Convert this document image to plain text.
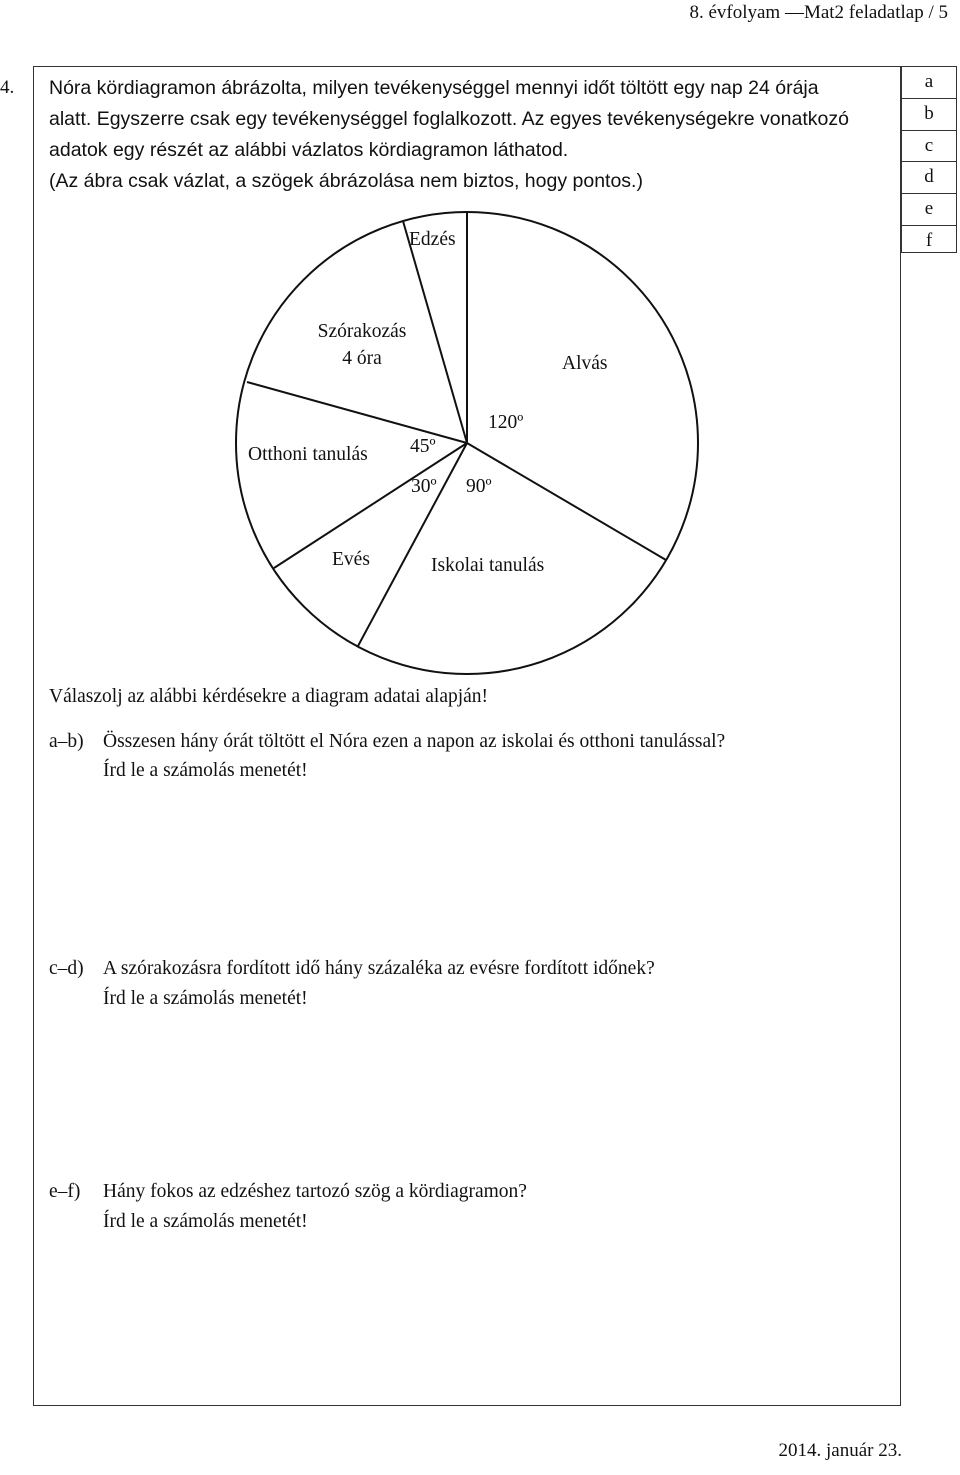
8. évfolyam —Mat2 feladatlap / 5
4.	a
b
c
d
e
f
Nóra kördiagramon ábrázolta, milyen tevékenységgel mennyi időt töltött egy nap 24 órája
alatt. Egyszerre csak egy tevékenységgel foglalkozott. Az egyes tevékenységekre vonatkozó
adatok egy részét az alábbi vázlatos kördiagramon láthatod.
(Az ábra csak vázlat, a szögek ábrázolása nem biztos, hogy pontos.)
Edzés
Szórakozás
4 óra	Alvás
120º
Otthoni tanulás 45º
30º 90º
Evés	Iskolai tanulás
Válaszolj az alábbi kérdésekre a diagram adatai alapján!
a–b) Összesen hány órát töltött el Nóra ezen a napon az iskolai és otthoni tanulással?
Írd le a számolás menetét!
c–d) A szórakozásra fordított idő hány százaléka az evésre fordított időnek?
Írd le a számolás menetét!
e–f) Hány fokos az edzéshez tartozó szög a kördiagramon?
Írd le a számolás menetét!
2014. január 23.
